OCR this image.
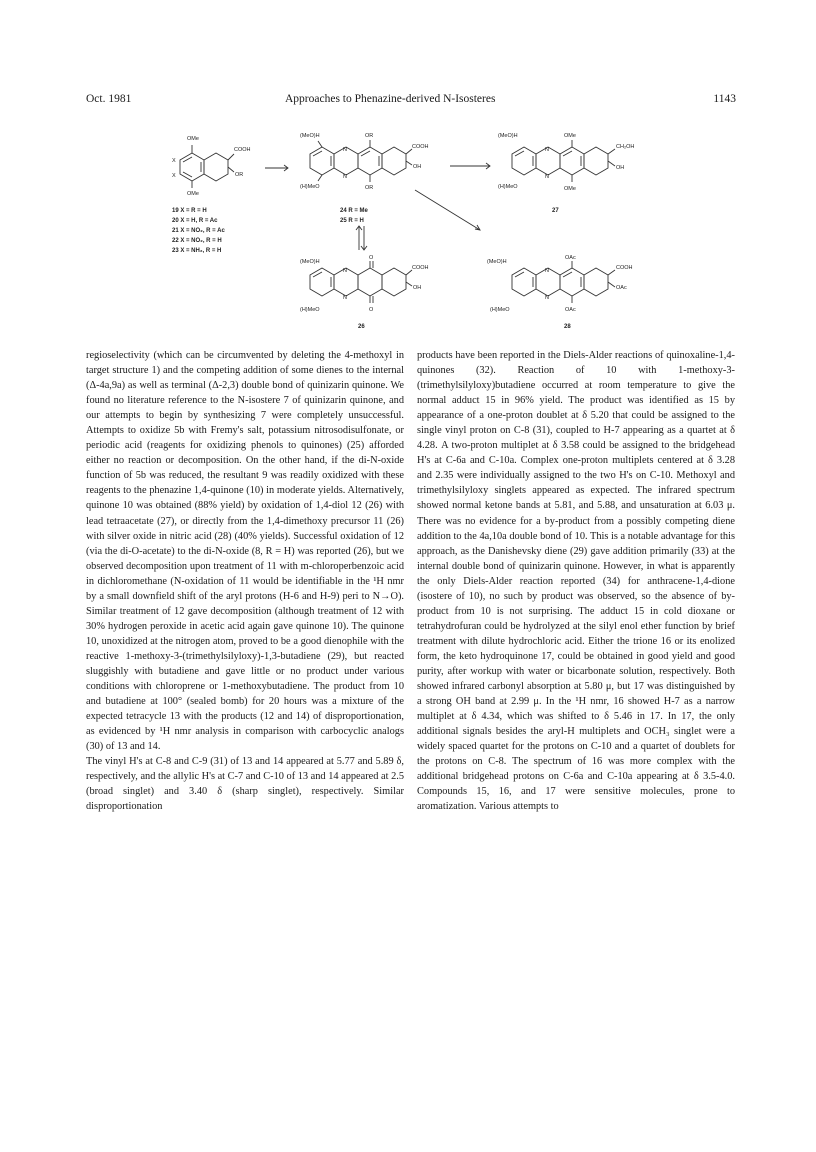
Oct. 1981	Approaches to Phenazine-derived N-Isosteres	1143
OMe
OMe
COOH
OR
X
X
(MeO)H
(H)MeO
OR
OR
COOH
OH
N
N
(MeO)H
(H)MeO
OMe
OMe
CH₂OH
OH
N
N
(MeO)H
(H)MeO
O
O
COOH
OH
N
N
(MeO)H
(H)MeO
OAc
OAc
COOH
OAc
N
N
19 X = R = H
20 X = H, R = Ac
21 X = NO₂, R = Ac
22 X = NO₂, R = H
23 X = NH₂, R = H
24 R = Me
25 R = H
27
26	28

regioselectivity (which can be circumvented by deleting the 4-methoxyl in target structure 1) and the competing addition of some dienes to the internal (Δ-4a,9a) as well as terminal (Δ-2,3) double bond of quinizarin quinone. We found no literature reference to the N-isostere 7 of quinizarin quinone, and our attempts to begin by synthesizing 7 were completely unsuccessful. Attempts to oxidize 5b with Fremy's salt, potassium nitrosodisulfonate, or periodic acid (reagents for oxidizing phenols to quinones) (25) afforded either no reaction or decomposition. On the other hand, if the di-N-oxide function of 5b was reduced, the resultant 9 was readily oxidized with these reagents to the phenazine 1,4-quinone (10) in moderate yields. Alternatively, quinone 10 was obtained (88% yield) by oxidation of 1,4-diol 12 (26) with lead tetraacetate (27), or directly from the 1,4-dimethoxy precursor 11 (26) with silver oxide in nitric acid (28) (40% yields). Successful oxidation of 12 (via the di-O-acetate) to the di-N-oxide (8, R = H) was reported (26), but we observed decomposition upon treatment of 11 with m-chloroperbenzoic acid in dichloromethane (N-oxidation of 11 would be identifiable in the ¹H nmr by a small downfield shift of the aryl protons (H-6 and H-9) peri to N→O). Similar treatment of 12 gave decomposition (although treatment of 12 with 30% hydrogen peroxide in acetic acid again gave quinone 10). The quinone 10, unoxidized at the nitrogen atom, proved to be a good dienophile with the reactive 1-methoxy-3-(trimethylsilyloxy)-1,3-butadiene (29), but reacted sluggishly with butadiene and gave little or no product under various conditions with chloroprene or 1-methoxybutadiene. The product from 10 and butadiene at 100° (sealed bomb) for 20 hours was a mixture of the expected tetracycle 13 with the products (12 and 14) of disproportionation, as evidenced by ¹H nmr analysis in comparison with carbocyclic analogs (30) of 13 and 14.

The vinyl H's at C-8 and C-9 (31) of 13 and 14 appeared at 5.77 and 5.89 δ, respectively, and the allylic H's at C-7 and C-10 of 13 and 14 appeared at 2.5 (broad singlet) and 3.40 δ (sharp singlet), respectively. Similar disproportionation

products have been reported in the Diels-Alder reactions of quinoxaline-1,4-quinones (32). Reaction of 10 with 1-methoxy-3-(trimethylsilyloxy)butadiene occurred at room temperature to give the normal adduct 15 in 96% yield. The product was identified as 15 by appearance of a one-proton doublet at δ 5.20 that could be assigned to the single vinyl proton on C-8 (31), coupled to H-7 appearing as a quartet at δ 4.28. A two-proton multiplet at δ 3.58 could be assigned to the bridgehead H's at C-6a and C-10a. Complex one-proton multiplets centered at δ 3.28 and 2.35 were individually assigned to the two H's on C-10. Methoxyl and trimethylsilyloxy singlets appeared as expected. The infrared spectrum showed normal ketone bands at 5.81, and 5.88, and unsaturation at 6.03 μ. There was no evidence for a by-product from a possibly competing diene addition to the 4a,10a double bond of 10. This is a notable advantage for this approach, as the Danishevsky diene (29) gave addition primarily (33) at the internal double bond of quinizarin quinone. However, in what is apparently the only Diels-Alder reaction reported (34) for anthracene-1,4-dione (isostere of 10), no such by product was observed, so the absence of by-product from 10 is not surprising. The adduct 15 in cold dioxane or tetrahydrofuran could be hydrolyzed at the silyl enol ether function by brief treatment with dilute hydrochloric acid. Either the trione 16 or its enolized form, the keto hydroquinone 17, could be obtained in good yield and good purity, after workup with water or bicarbonate solution, respectively. Both showed infrared carbonyl absorption at 5.80 μ, but 17 was distinguished by a strong OH band at 2.99 μ. In the ¹H nmr, 16 showed H-7 as a narrow multiplet at δ 4.34, which was shifted to δ 5.46 in 17. In 17, the only additional signals besides the aryl-H multiplets and OCH₃ singlet were a widely spaced quartet for the protons on C-10 and a quartet of doublets for the protons on C-8. The spectrum of 16 was more complex with the additional bridgehead protons on C-6a and C-10a appearing at δ 3.5-4.0. Compounds 15, 16, and 17 were sensitive molecules, prone to aromatization. Various attempts to
